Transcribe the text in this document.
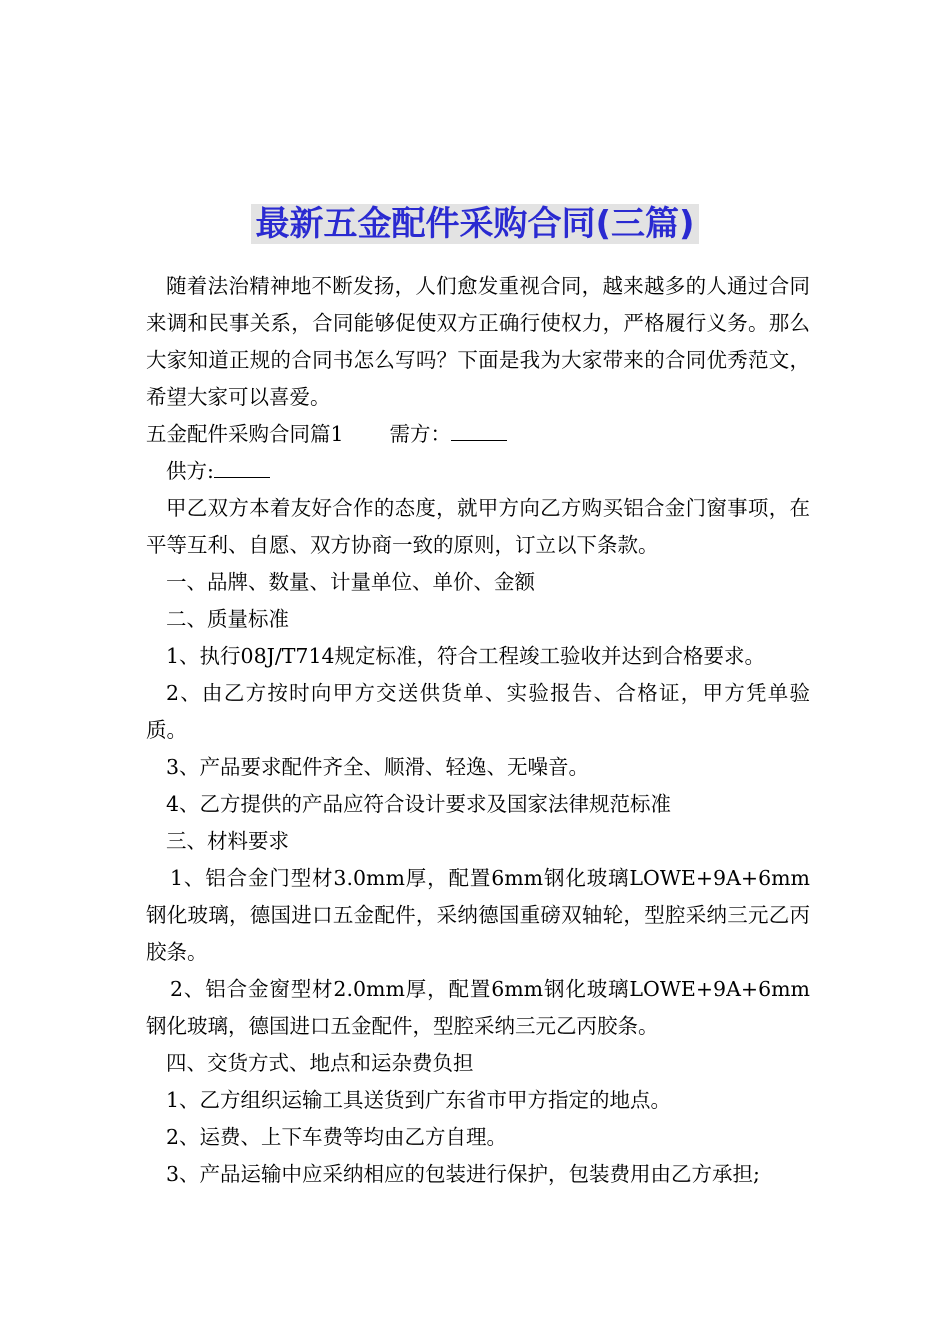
最新五金配件采购合同(三篇)

随着法治精神地不断发扬，人们愈发重视合同，越来越多的人通过合同来调和民事关系，合同能够促使双方正确行使权力，严格履行义务。那么大家知道正规的合同书怎么写吗？下面是我为大家带来的合同优秀范文，希望大家可以喜爱。

五金配件采购合同篇1 需方：

供方:

甲乙双方本着友好合作的态度，就甲方向乙方购买铝合金门窗事项，在平等互利、自愿、双方协商一致的原则，订立以下条款。

一、品牌、数量、计量单位、单价、金额

二、质量标准

1、执行08J/T714规定标准，符合工程竣工验收并达到合格要求。

2、由乙方按时向甲方交送供货单、实验报告、合格证，甲方凭单验质。

3、产品要求配件齐全、顺滑、轻逸、无噪音。

4、乙方提供的产品应符合设计要求及国家法律规范标准

三、材料要求

1、铝合金门型材3.0mm厚，配置6mm钢化玻璃LOWE+9A+6mm钢化玻璃，德国进口五金配件，采纳德国重磅双轴轮，型腔采纳三元乙丙胶条。

2、铝合金窗型材2.0mm厚，配置6mm钢化玻璃LOWE+9A+6mm钢化玻璃，德国进口五金配件，型腔采纳三元乙丙胶条。

四、交货方式、地点和运杂费负担

1、乙方组织运输工具送货到广东省市甲方指定的地点。

2、运费、上下车费等均由乙方自理。

3、产品运输中应采纳相应的包装进行保护，包装费用由乙方承担;
